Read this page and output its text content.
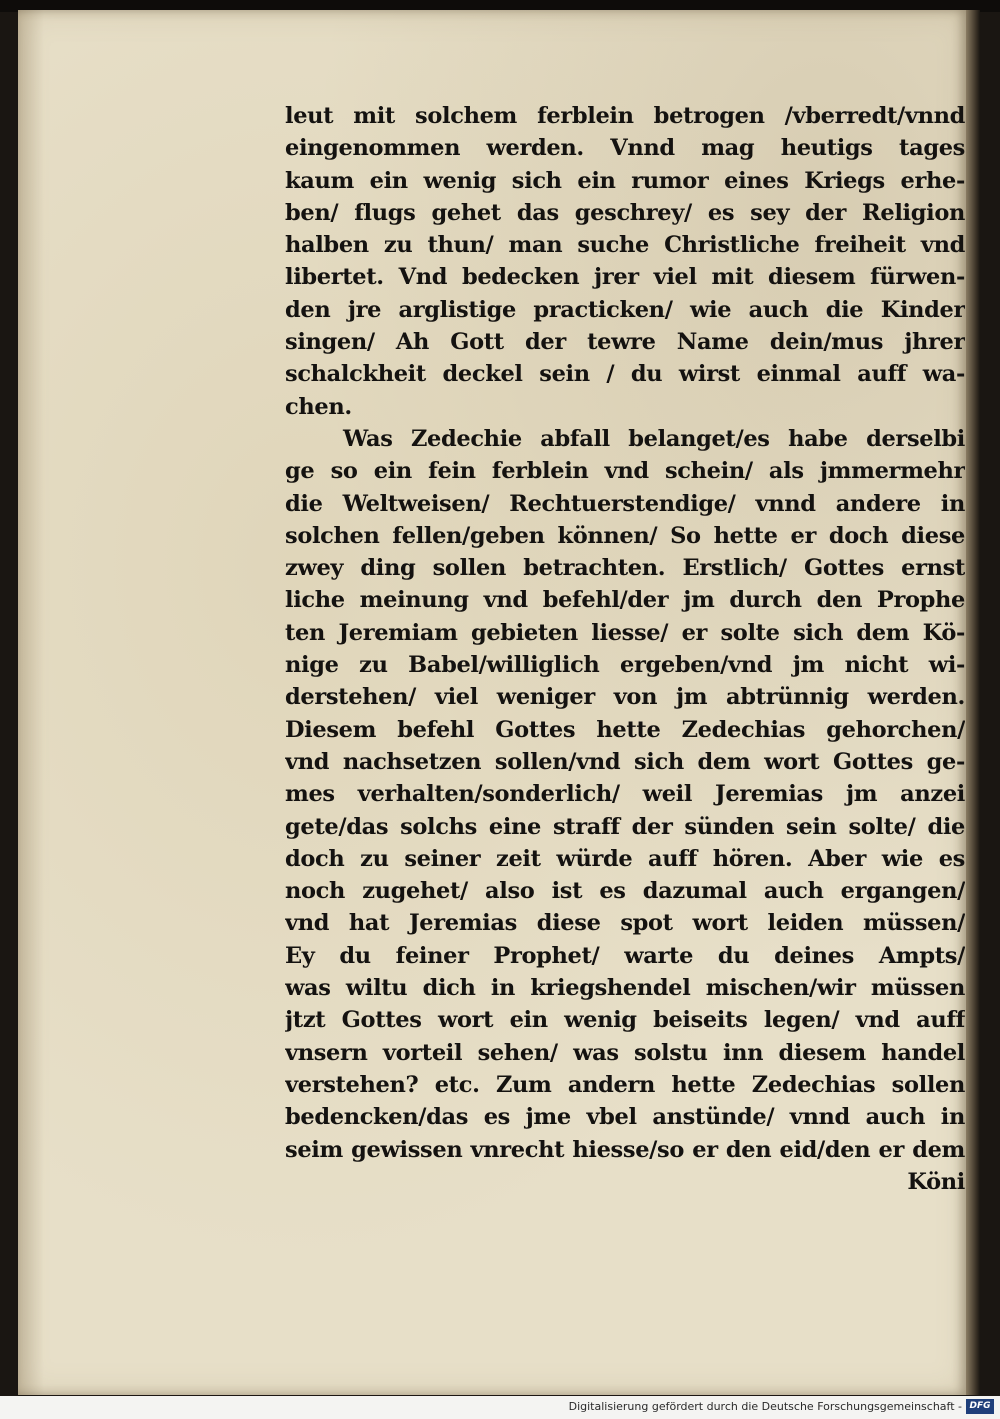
leut mit solchem ferblein betrogen /vberredt/vnnd
eingenommen werden. Vnnd mag heutigs tages
kaum ein wenig sich ein rumor eines Kriegs erhe‑
ben/ flugs gehet das geschrey/ es sey der Religion
halben zu thun/ man suche Christliche freiheit vnd
libertet. Vnd bedecken jrer viel mit diesem fürwen‑
den jre arglistige practicken/ wie auch die Kinder
singen/ Ah Gott der tewre Name dein/mus jhrer
schalckheit deckel sein / du wirst einmal auff wa‑
chen.
Was Zedechie abfall belanget/es habe derselbi
ge so ein fein ferblein vnd schein/ als jmmermehr
die Weltweisen/ Rechtuerstendige/ vnnd andere in
solchen fellen/geben können/ So hette er doch diese
zwey ding sollen betrachten. Erstlich/ Gottes ernst
liche meinung vnd befehl/der jm durch den Prophe
ten Jeremiam gebieten liesse/ er solte sich dem Kö‑
nige zu Babel/williglich ergeben/vnd jm nicht wi‑
derstehen/ viel weniger von jm abtrünnig werden.
Diesem befehl Gottes hette Zedechias gehorchen/
vnd nachsetzen sollen/vnd sich dem wort Gottes ge‑
mes verhalten/sonderlich/ weil Jeremias jm anzei
gete/das solchs eine straff der sünden sein solte/ die
doch zu seiner zeit würde auff hören. Aber wie es
noch zugehet/ also ist es dazumal auch ergangen/
vnd hat Jeremias diese spot wort leiden müssen/
Ey du feiner Prophet/ warte du deines Ampts/
was wiltu dich in kriegshendel mischen/wir müssen
jtzt Gottes wort ein wenig beiseits legen/ vnd auff
vnsern vorteil sehen/ was solstu inn diesem handel
verstehen? etc. Zum andern hette Zedechias sollen
bedencken/das es jme vbel anstünde/ vnnd auch in
seim gewissen vnrecht hiesse/so er den eid/den er dem
Köni
Digitalisierung gefördert durch die Deutsche Forschungsgemeinschaft - DFG
